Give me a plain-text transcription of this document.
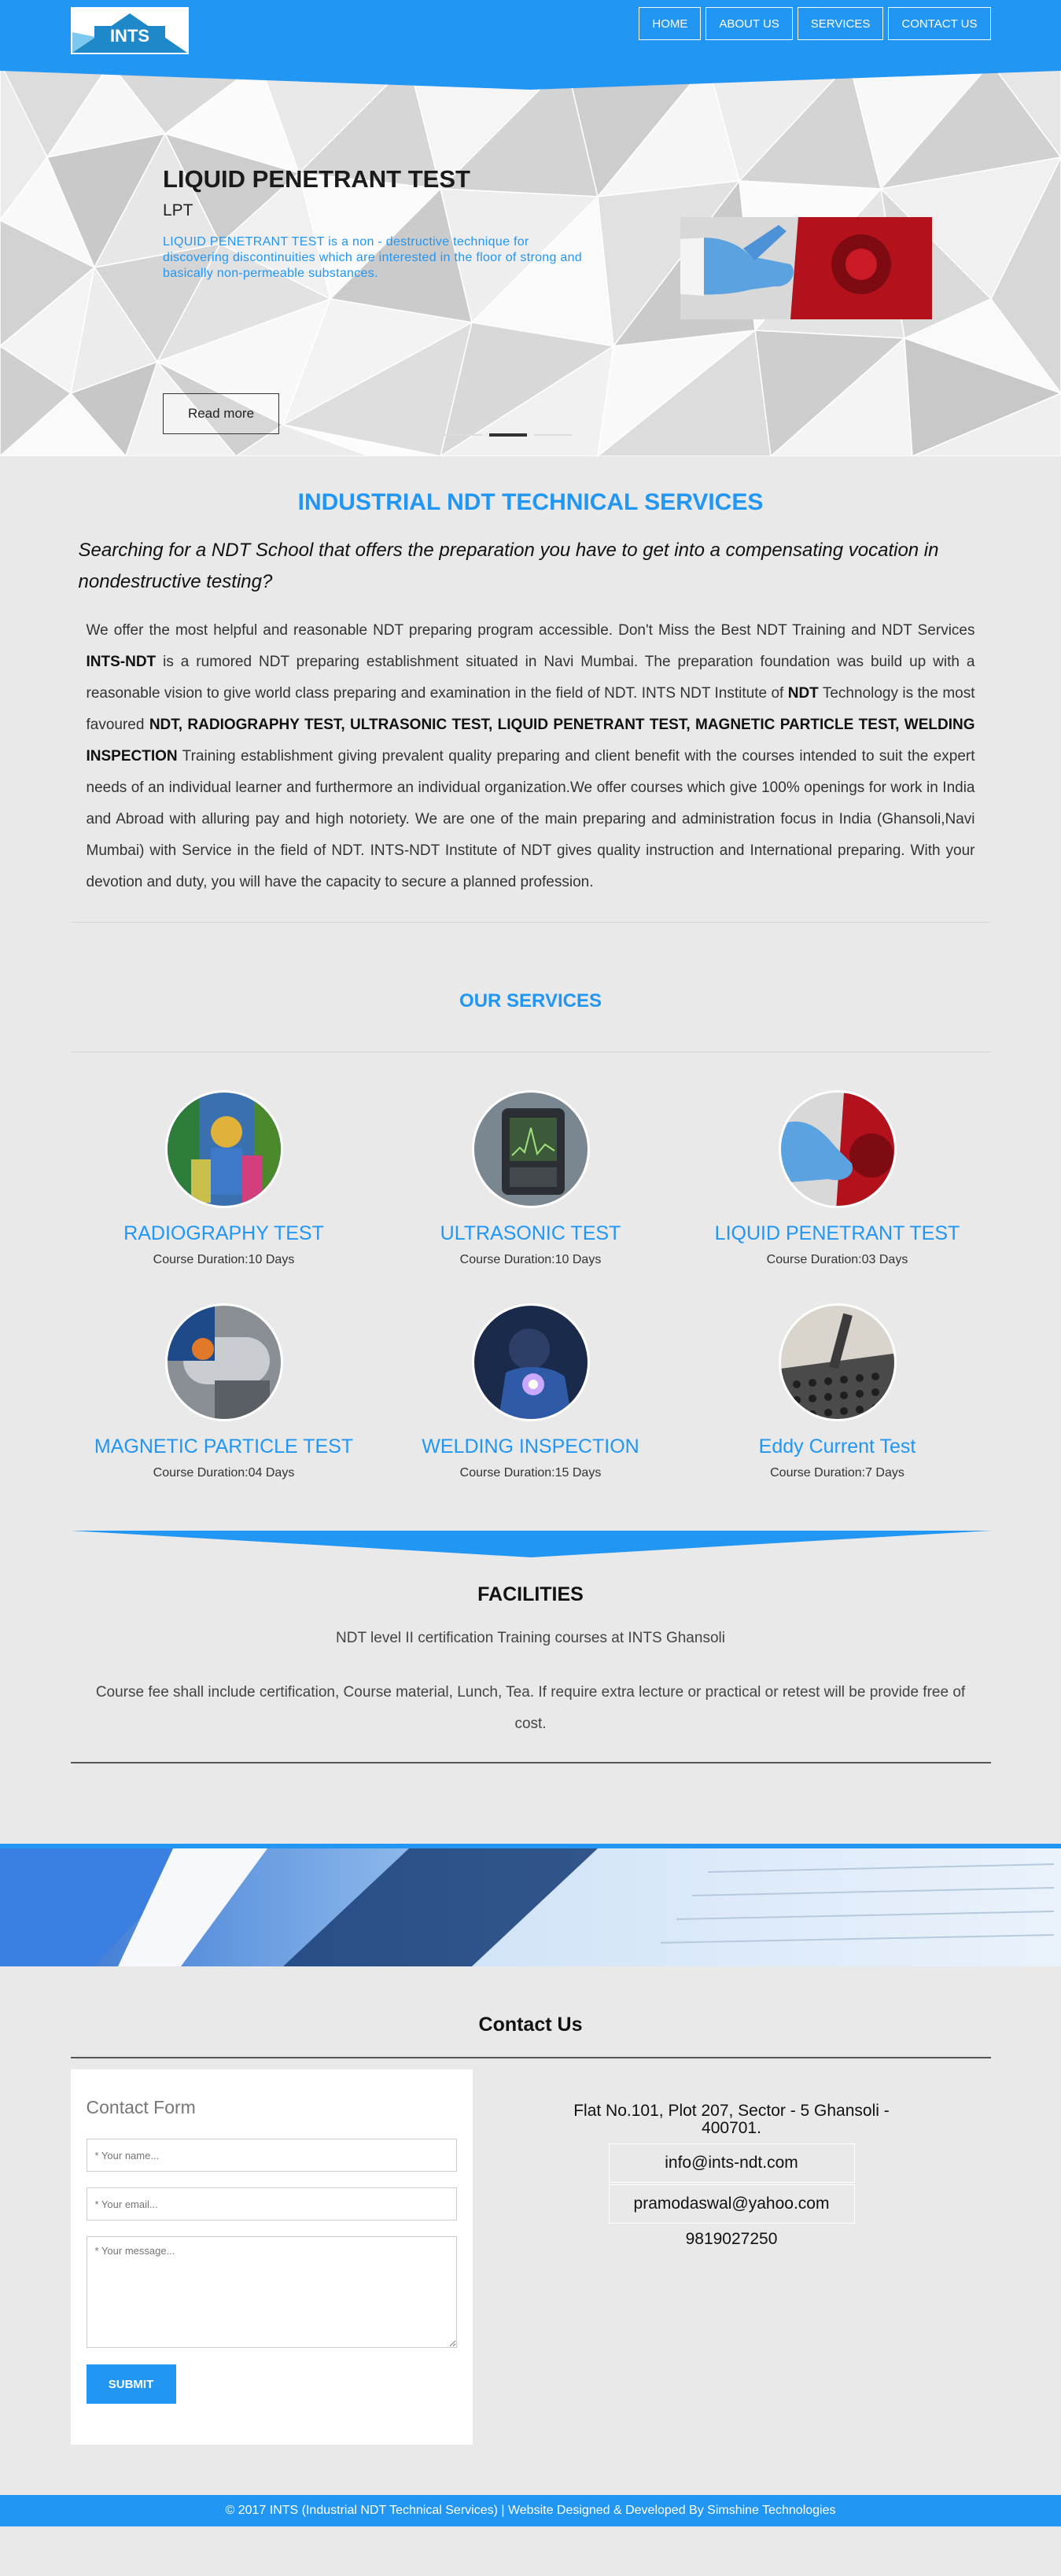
INTS
HOME	ABOUT US	SERVICES	CONTACT US
LIQUID PENETRANT TEST
LPT
LIQUID PENETRANT TEST is a non - destructive technique for discovering discontinuities which are interested in the floor of strong and basically non-permeable substances.
Read more
INDUSTRIAL NDT TECHNICAL SERVICES

Searching for a NDT School that offers the preparation you have to get into a compensating vocation in nondestructive testing?

We offer the most helpful and reasonable NDT preparing program accessible. Don't Miss the Best NDT Training and NDT Services INTS-NDT is a rumored NDT preparing establishment situated in Navi Mumbai. The preparation foundation was build up with a reasonable vision to give world class preparing and examination in the field of NDT. INTS NDT Institute of NDT Technology is the most favoured NDT, RADIOGRAPHY TEST, ULTRASONIC TEST, LIQUID PENETRANT TEST, MAGNETIC PARTICLE TEST, WELDING INSPECTION Training establishment giving prevalent quality preparing and client benefit with the courses intended to suit the expert needs of an individual learner and furthermore an individual organization.We offer courses which give 100% openings for work in India and Abroad with alluring pay and high notoriety. We are one of the main preparing and administration focus in India (Ghansoli,Navi Mumbai) with Service in the field of NDT. INTS-NDT Institute of NDT gives quality instruction and International preparing. With your devotion and duty, you will have the capacity to secure a planned profession.

OUR SERVICES
RADIOGRAPHY TEST
Course Duration:10 Days
ULTRASONIC TEST
Course Duration:10 Days
LIQUID PENETRANT TEST
Course Duration:03 Days
MAGNETIC PARTICLE TEST
Course Duration:04 Days
WELDING INSPECTION
Course Duration:15 Days
Eddy Current Test
Course Duration:7 Days
FACILITIES

NDT level II certification Training courses at INTS Ghansoli

Course fee shall include certification, Course material, Lunch, Tea. If require extra lecture or practical or retest will be provide free of cost.

Contact Us
Contact Form
* Your name...
* Your email...
* Your message... SUBMIT
Flat No.101, Plot 207, Sector - 5 Ghansoli - 400701.
info@ints-ndt.com
pramodaswal@yahoo.com
9819027250
© 2017 INTS (Industrial NDT Technical Services) | Website Designed & Developed By Simshine Technologies
